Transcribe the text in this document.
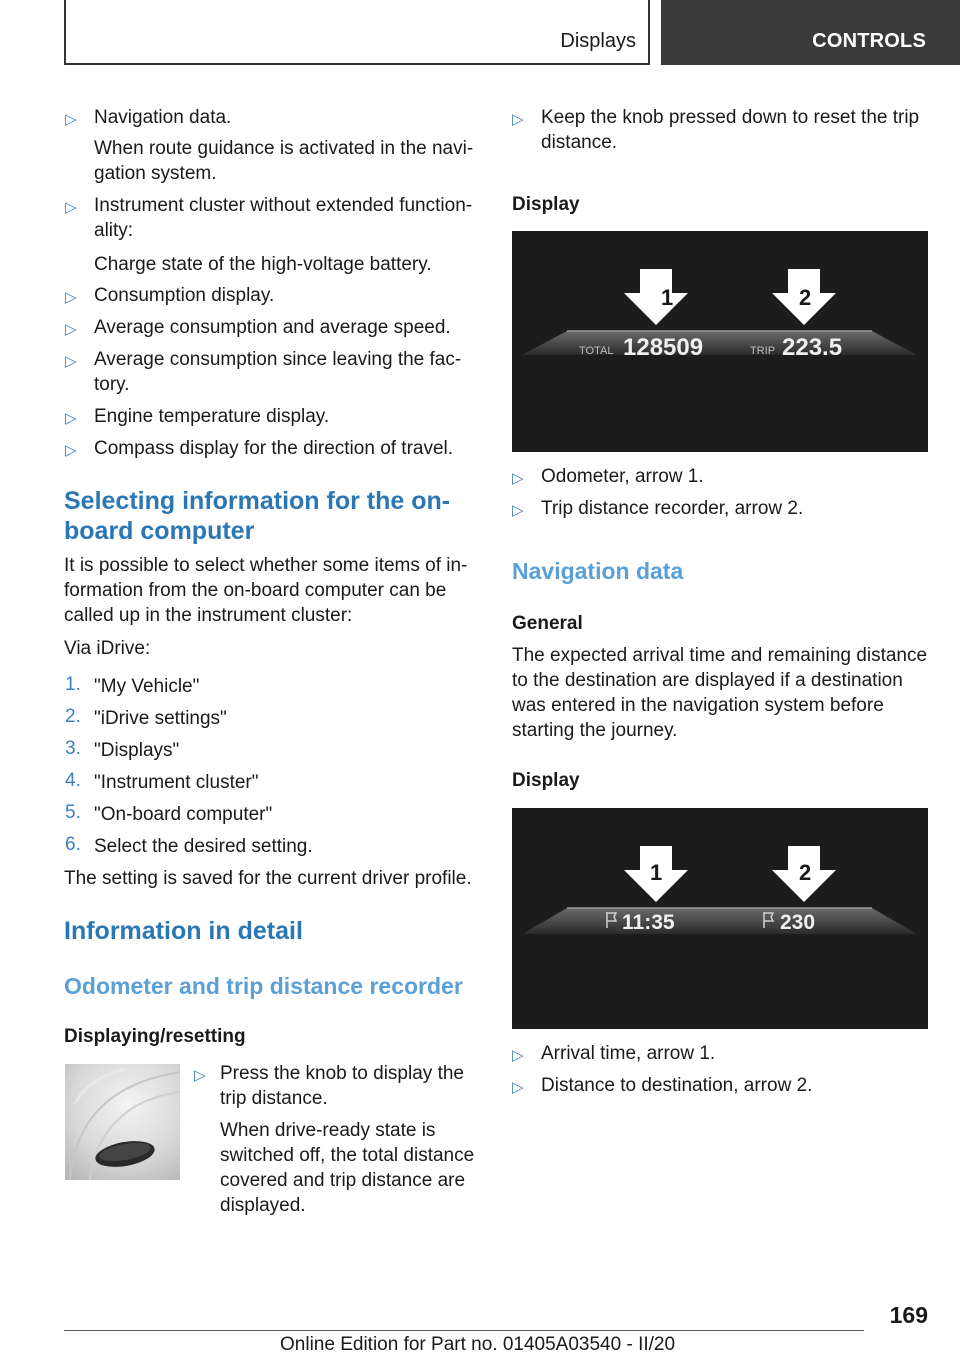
Displays	CONTROLS
▷ Navigation data.
When route guidance is activated in the navi-
gation system.
▷ Instrument cluster without extended function-
ality:
Charge state of the high-voltage battery.
▷ Consumption display.
▷ Average consumption and average speed.
▷ Average consumption since leaving the fac-
tory.
▷ Engine temperature display.
▷ Compass display for the direction of travel.
Selecting information for the on-
board computer
It is possible to select whether some items of in-
formation from the on-board computer can be
called up in the instrument cluster:
Via iDrive:
1. "My Vehicle"
2. "iDrive settings"
3. "Displays"
4. "Instrument cluster"
5. "On-board computer"
6. Select the desired setting.
The setting is saved for the current driver profile.
Information in detail
Odometer and trip distance recorder
Displaying/resetting
▷ Press the knob to display the
trip distance.
When drive-ready state is
switched off, the total distance
covered and trip distance are
displayed.
▷ Keep the knob pressed down to reset the trip
distance.
Display
1	2
TOTAL 128509	TRIP 223.5
▷ Odometer, arrow 1.
▷ Trip distance recorder, arrow 2.
Navigation data
General
The expected arrival time and remaining distance
to the destination are displayed if a destination
was entered in the navigation system before
starting the journey.
Display
1	2
11:35	230
▷ Arrival time, arrow 1.
▷ Distance to destination, arrow 2.
169
Online Edition for Part no. 01405A03540 - II/20
